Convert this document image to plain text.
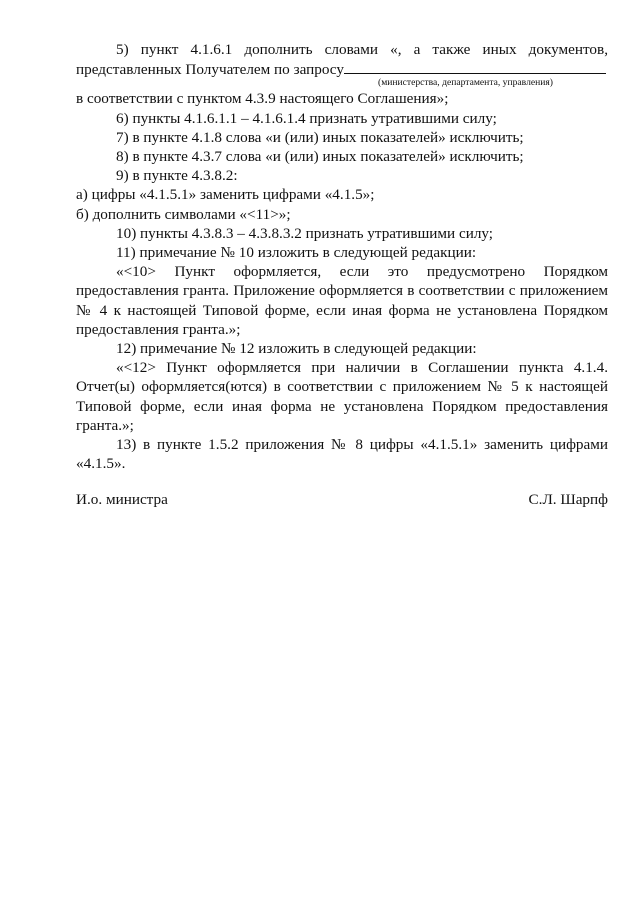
5) пункт 4.1.6.1 дополнить словами «, а также иных документов, представленных Получателем по запросу

(министерства, департамента, управления)

в соответствии с пунктом 4.3.9 настоящего Соглашения»;

6) пункты 4.1.6.1.1 – 4.1.6.1.4 признать утратившими силу;

7) в пункте 4.1.8 слова «и (или) иных показателей» исключить;

8) в пункте 4.3.7 слова «и (или) иных показателей» исключить;

9) в пункте 4.3.8.2:

а) цифры «4.1.5.1» заменить цифрами «4.1.5»;

б) дополнить символами «<11>»;

10) пункты 4.3.8.3 – 4.3.8.3.2 признать утратившими силу;

11) примечание № 10 изложить в следующей редакции:

«<10> Пункт оформляется, если это предусмотрено Порядком предоставления гранта. Приложение оформляется в соответствии с приложением № 4 к настоящей Типовой форме, если иная форма не установлена Порядком предоставления гранта.»;

12) примечание № 12 изложить в следующей редакции:

«<12> Пункт оформляется при наличии в Соглашении пункта 4.1.4. Отчет(ы) оформляется(ются) в соответствии с приложением № 5 к настоящей Типовой форме, если иная форма не установлена Порядком предоставления гранта.»;

13) в пункте 1.5.2 приложения № 8 цифры «4.1.5.1» заменить цифрами «4.1.5».

И.о. министра	С.Л. Шарпф
